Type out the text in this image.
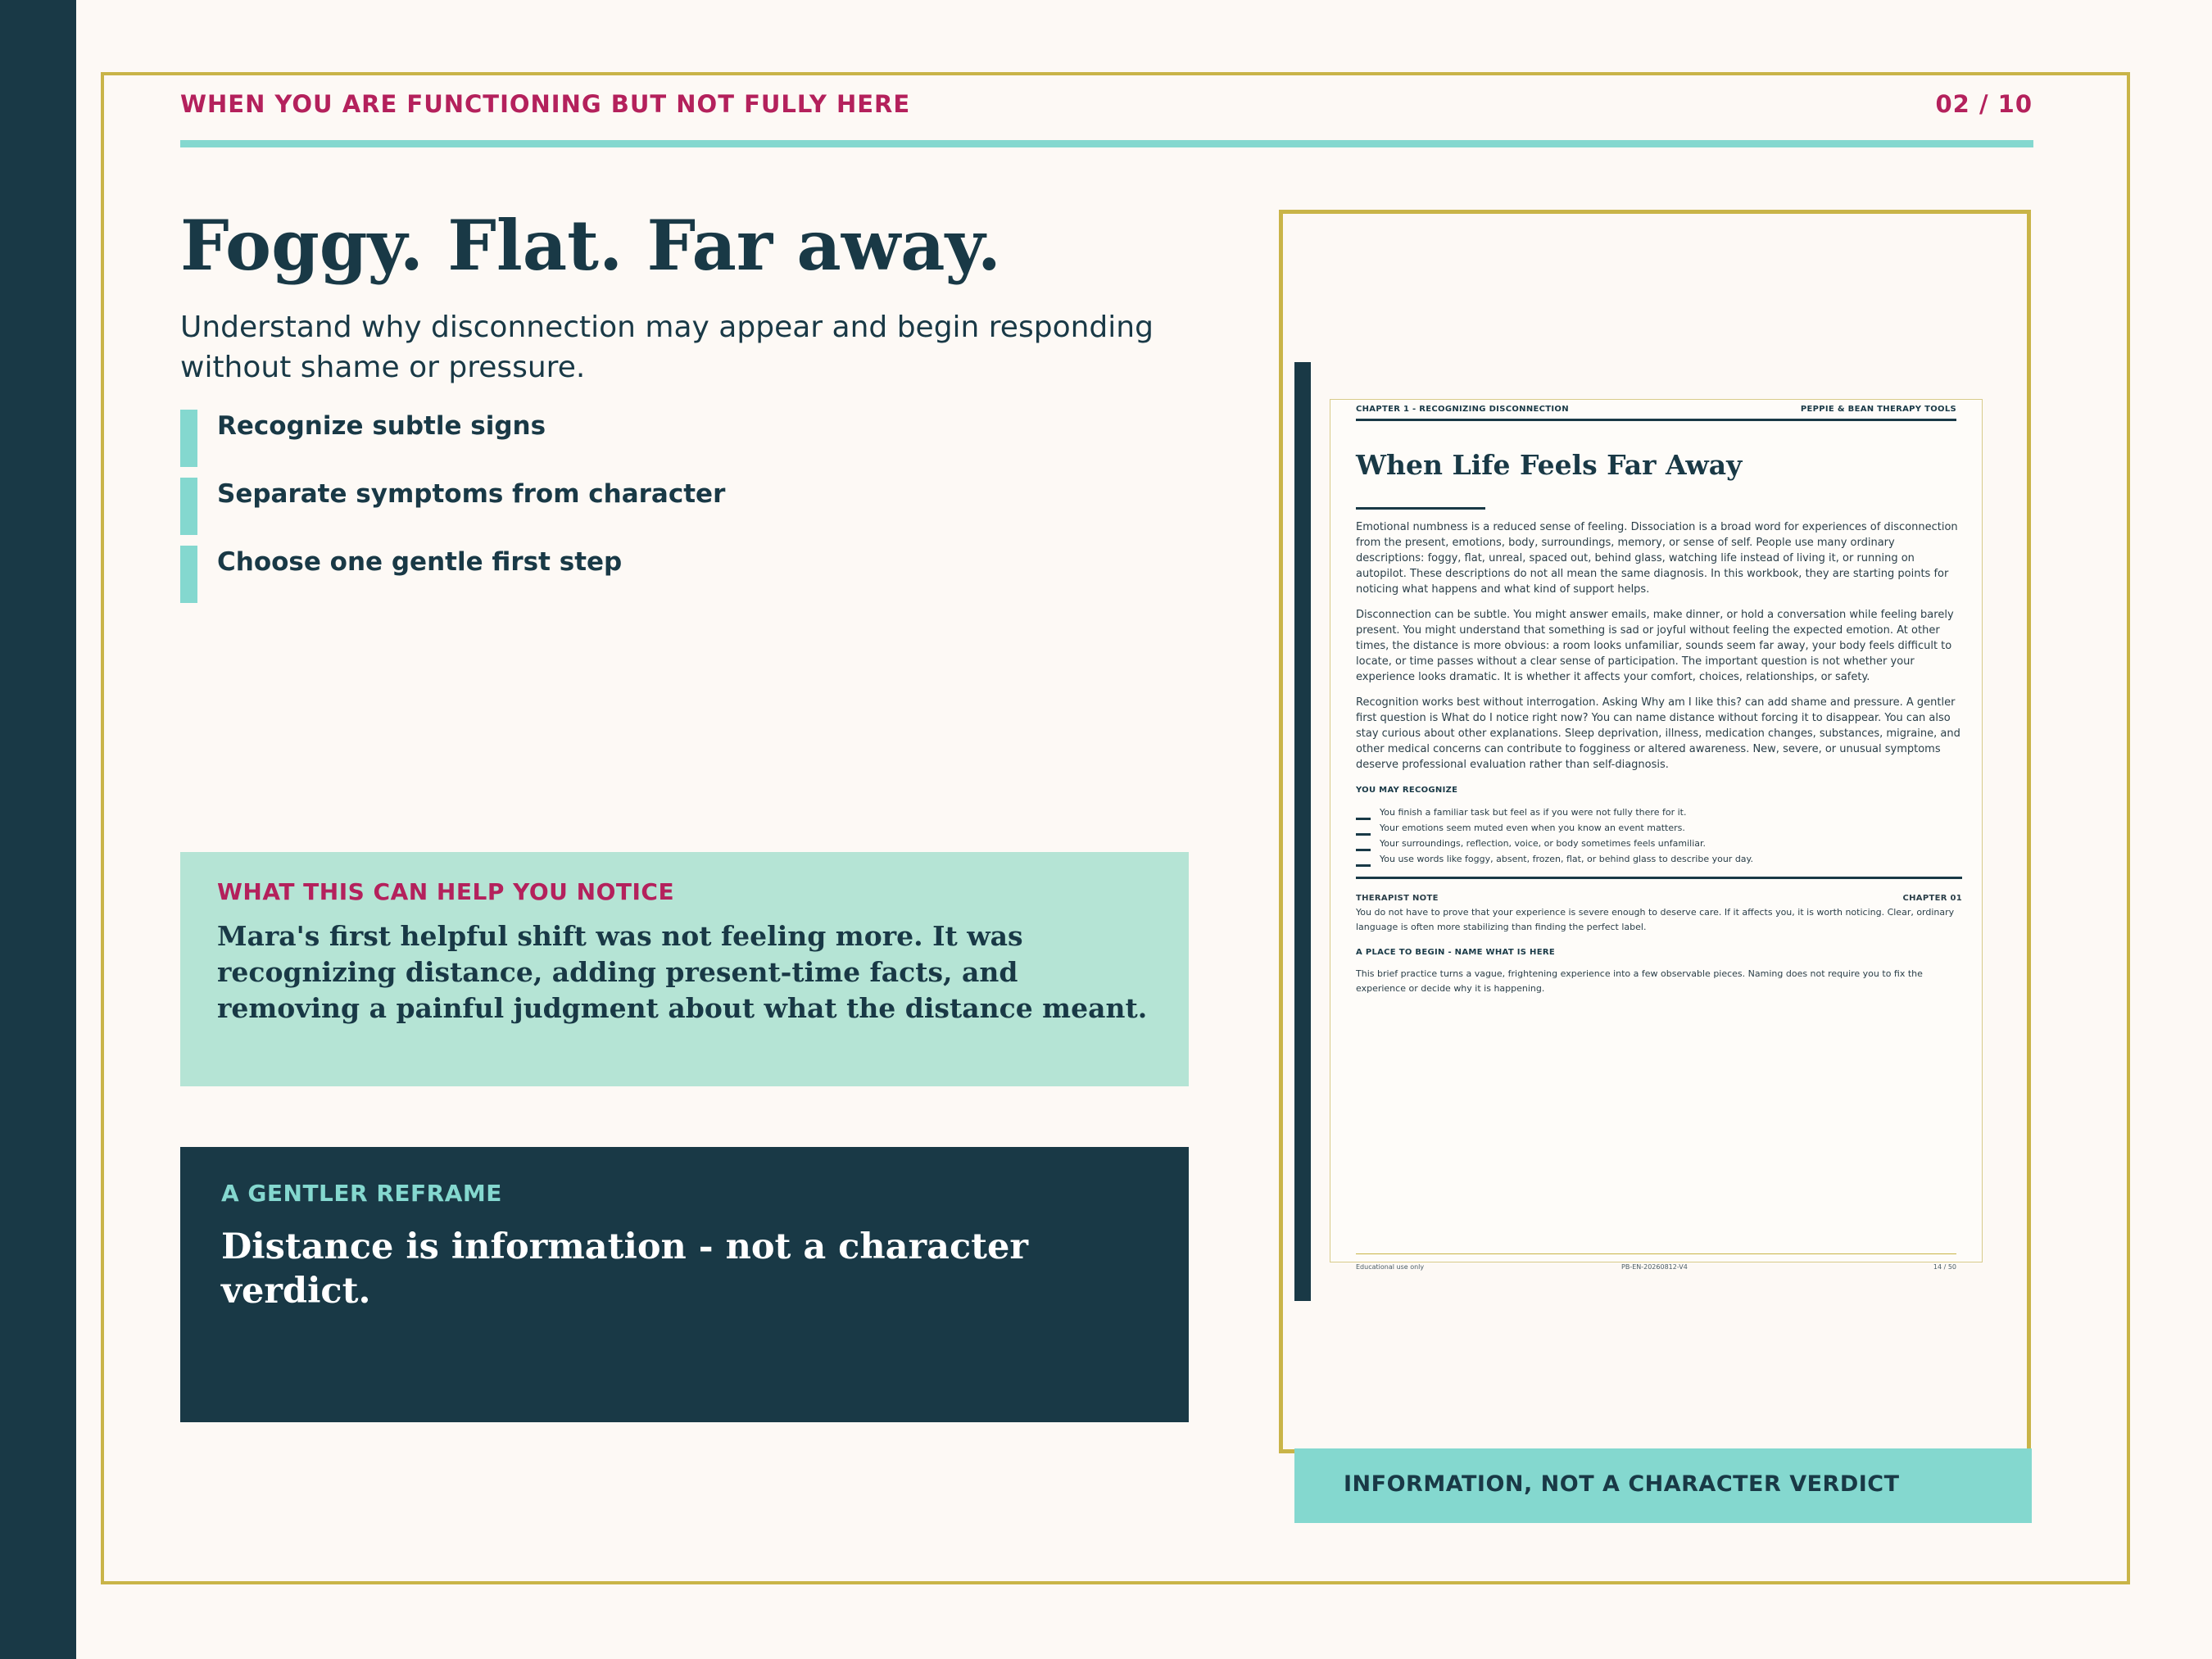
WHEN YOU ARE FUNCTIONING BUT NOT FULLY HERE	02 / 10
Foggy. Flat. Far away.

Understand why disconnection may appear and begin responding without shame or pressure.

Recognize subtle signs
Separate symptoms from character
Choose one gentle first step
WHAT THIS CAN HELP YOU NOTICE
Mara's first helpful shift was not feeling more. It was recognizing distance, adding present-time facts, and removing a painful judgment about what the distance meant.
A GENTLER REFRAME
Distance is information - not a character verdict.
CHAPTER 1 - RECOGNIZING DISCONNECTION	PEPPIE & BEAN THERAPY TOOLS
When Life Feels Far Away

Emotional numbness is a reduced sense of feeling. Dissociation is a broad word for experiences of disconnection from the present, emotions, body, surroundings, memory, or sense of self. People use many ordinary descriptions: foggy, flat, unreal, spaced out, behind glass, watching life instead of living it, or running on autopilot. These descriptions do not all mean the same diagnosis. In this workbook, they are starting points for noticing what happens and what kind of support helps.

Disconnection can be subtle. You might answer emails, make dinner, or hold a conversation while feeling barely present. You might understand that something is sad or joyful without feeling the expected emotion. At other times, the distance is more obvious: a room looks unfamiliar, sounds seem far away, your body feels difficult to locate, or time passes without a clear sense of participation. The important question is not whether your experience looks dramatic. It is whether it affects your comfort, choices, relationships, or safety.

Recognition works best without interrogation. Asking Why am I like this? can add shame and pressure. A gentler first question is What do I notice right now? You can name distance without forcing it to disappear. You can also stay curious about other explanations. Sleep deprivation, illness, medication changes, substances, migraine, and other medical concerns can contribute to fogginess or altered awareness. New, severe, or unusual symptoms deserve professional evaluation rather than self-diagnosis.

YOU MAY RECOGNIZE
You finish a familiar task but feel as if you were not fully there for it.
Your emotions seem muted even when you know an event matters.
Your surroundings, reflection, voice, or body sometimes feels unfamiliar.
You use words like foggy, absent, frozen, flat, or behind glass to describe your day.
THERAPIST NOTE	CHAPTER 01
You do not have to prove that your experience is severe enough to deserve care. If it affects you, it is worth noticing. Clear, ordinary language is often more stabilizing than finding the perfect label.
A PLACE TO BEGIN - NAME WHAT IS HERE
This brief practice turns a vague, frightening experience into a few observable pieces. Naming does not require you to fix the experience or decide why it is happening.
Educational use only	PB-EN-20260812-V4	14 / 50
INFORMATION, NOT A CHARACTER VERDICT
